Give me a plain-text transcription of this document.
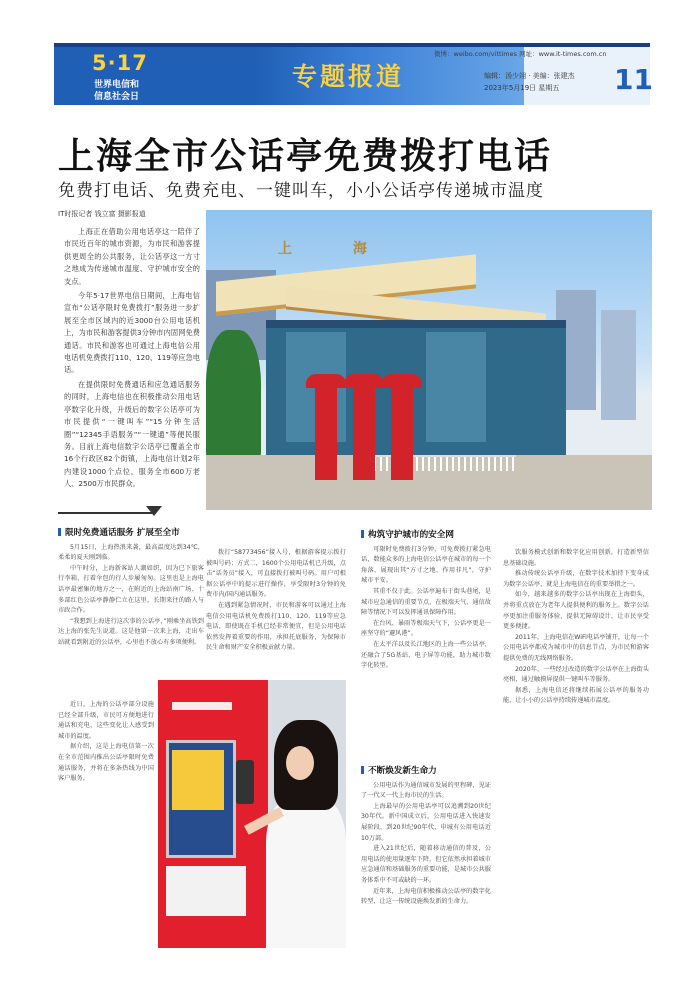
5·17
世界电信和
信息社会日
专题报道
微博：weibo.com/vittimes 网址：www.it-times.com.cn
编辑：汤少翊 · 美编：张建杰
2023年5月19日 星期五 11
上海全市公话亭免费拨打电话
免费打电话、免费充电、一键叫车，小小公话亭传递城市温度
IT时报记者 钱立富 摄影报道

上海正在借助公用电话亭这一陪伴了市民近百年的城市资源，为市民和游客提供更周全的公共服务，让公话亭这一方寸之地成为传递城市温度、守护城市安全的支点。

今年5·17世界电信日期间，上海电信宣布“公话亭限时免费拨打”服务进一步扩展至全市区域内的近3000台公用电话机上，为市民和游客提供3分钟市内固网免费通话。市民和游客也可通过上海电信公用电话机免费拨打110、120、119等应急电话。

在提供限时免费通话和应急通话服务的同时，上海电信也在积极推动公用电话亭数字化升级，升级后的数字公话亭可为市民提供“一键叫车”“15分钟生活圈”“12345手语服务”“一键通”等便民服务。目前上海电信数字公话亭已覆盖全市16个行政区82个街镇，上海电信计划2年内建设1000个点位，服务全市600万老人、2500万市民群众。

上 海
限时免费通话服务 扩展至全市

5月15日，上海热浪来袭，最高温度达到34℃，柔柔的夏天刚到临。

中午时分，上海新客站人潮如织，因为已下旅客行李箱、打着伞包的行人步履匆匆。这里也是上海电话亭最密集的地方之一，在附近的上海站南广场、十多部红色公话亭静静伫立在这里，长期来往的路人与市政合作。

“我想到上海进行这次事的公话亭，”刚乘坐高铁到达上海的张先生说道。这是他第一次来上海，走出车站就看到附近的公话亭，心里也不放心有多项便利。

近日，上海的公话亭部分设施已经全部升级，市民可方便地进行通话和充电，这些变化让人感受到城市的温度。

据介绍，这是上海电信第一次在全市范围内推出公话亭限时免费通话服务，并将在多条热线为中国客户服务。

拨打“58773456”接入号，根据游客提示拨打被叫号码；方式二，1600个公用电话机已升级，点击“话务员”接入，可直接拨打被叫号码。用户可根据公话亭中的提示进行操作，享受限时3分钟的免费市内/国内通话服务。

在遇到紧急情况时，市民和游客可以通过上海电信公用电话机免费拨打110、120、119等应急电话，即使既在手机已经非常便宜，但是公用电话依然发挥着重要的作用，承担托底服务，为保障市民生命和财产安全积极贡献力量。

构筑守护城市的安全网

可限时免费拨打3分钟，可免费拨打紧急电话，数能众多的上海电信公话亭在城市的每一个角落，展现出其“方寸之地、作用非凡”，守护城市平安。

其重不仅于此。公话亭遍布于街头巷尾，是城市应急通信的重要节点，在极端天气、通信故障等情况下可以发挥通讯保障作用。

在台风、暴雨等极端天气下，公话亭更是一座坚守的“避风港”。

在太平洋以及长江地区的上海一些公话亭，还融合了5G基站、电子屏等功能，助力城市数字化转型。

不断焕发新生命力

公用电话作为通信城市发展的里程碑，见证了一代又一代上海市民的生活。

上海最早的公用电话亭可以追溯到20世纪30年代。新中国成立后，公用电话进入快速发展阶段，到20世纪90年代，申城有公用电话近10万部。

进入21世纪后，随着移动通信的普及，公用电话的使用量逐年下降，但它依然承担着城市应急通信和基础服务的重要功能，是城市公共服务体系中不可或缺的一环。

近年来，上海电信积极推动公话亭的数字化转型，让这一传统设施焕发新的生命力。

饮服务模式创新和数字化应用创新，打造新型信息基础设施。

推动传统公话亭升级，在数字技术加持下变身成为数字公话亭，就是上海电信在的重要举措之一。

如今，越来越多的数字公话亭出现在上海街头，并将重点放在为老年人提供便利的服务上。数字公话亭更加注重服务体验，提供无障碍设计，让市民享受更多便捷。

2011年，上海电信在WiFi电话亭铺开，让每一个公用电话亭都成为城市中的信息节点，为市民和游客提供免费的无线网络服务。

2020年，一些经过改造的数字公话亭在上海街头亮相，通过触摸屏提供一键叫车等服务。

据悉，上海电信还将继续拓展公话亭的服务功能，让小小的公话亭持续传递城市温度。
